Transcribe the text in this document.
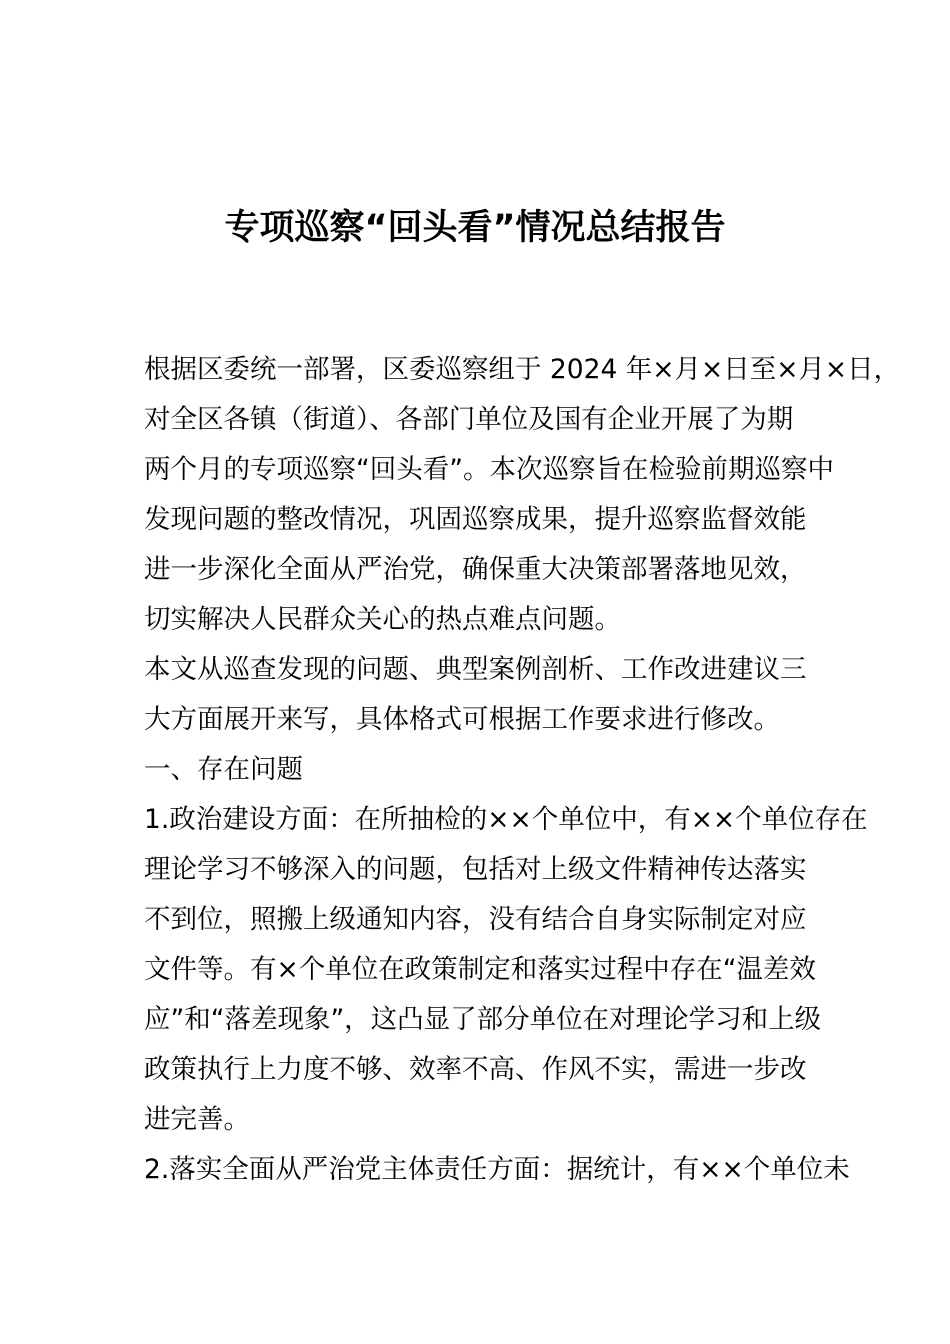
专项巡察“回头看”情况总结报告

根据区委统一部署，区委巡察组于 2024 年×月×日至×月×日，

对全区各镇（街道）、各部门单位及国有企业开展了为期

两个月的专项巡察“回头看”。本次巡察旨在检验前期巡察中

发现问题的整改情况，巩固巡察成果，提升巡察监督效能

进一步深化全面从严治党，确保重大决策部署落地见效，

切实解决人民群众关心的热点难点问题。

本文从巡查发现的问题、典型案例剖析、工作改进建议三

大方面展开来写，具体格式可根据工作要求进行修改。

一、存在问题

1.政治建设方面：在所抽检的××个单位中，有××个单位存在

理论学习不够深入的问题，包括对上级文件精神传达落实

不到位，照搬上级通知内容，没有结合自身实际制定对应

文件等。有×个单位在政策制定和落实过程中存在“温差效

应”和“落差现象”，这凸显了部分单位在对理论学习和上级

政策执行上力度不够、效率不高、作风不实，需进一步改

进完善。

2.落实全面从严治党主体责任方面：据统计，有××个单位未
